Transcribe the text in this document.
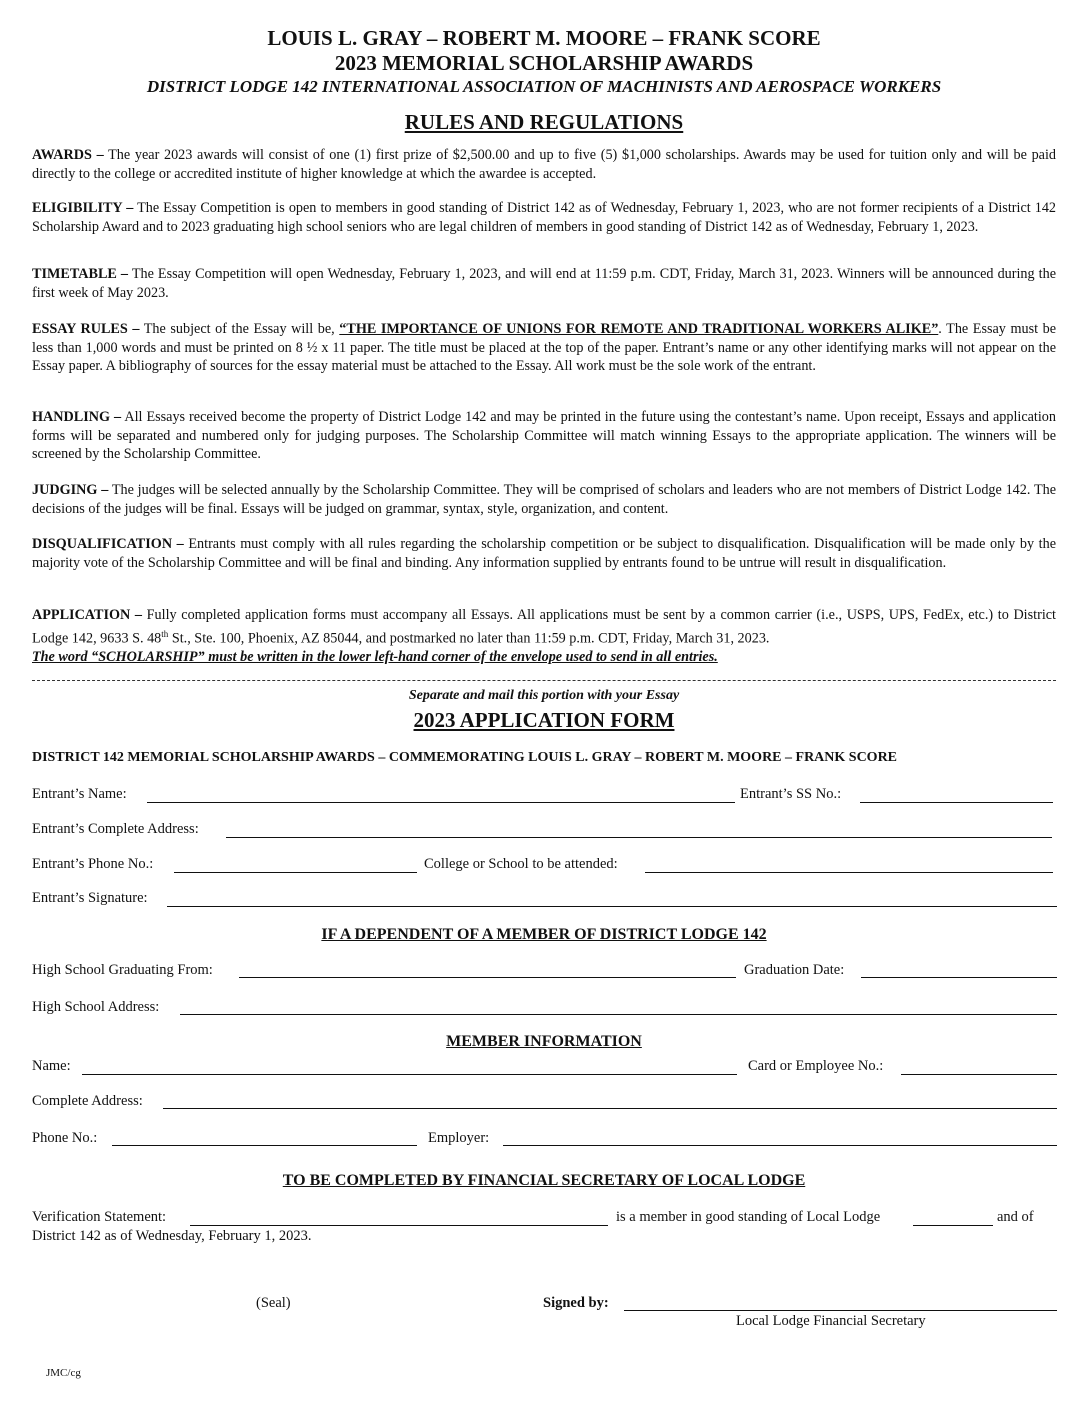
LOUIS L. GRAY – ROBERT M. MOORE – FRANK SCORE
2023 MEMORIAL SCHOLARSHIP AWARDS
DISTRICT LODGE 142 INTERNATIONAL ASSOCIATION OF MACHINISTS AND AEROSPACE WORKERS
RULES AND REGULATIONS
AWARDS – The year 2023 awards will consist of one (1) first prize of $2,500.00 and up to five (5) $1,000 scholarships. Awards may be used for tuition only and will be paid directly to the college or accredited institute of higher knowledge at which the awardee is accepted.
ELIGIBILITY – The Essay Competition is open to members in good standing of District 142 as of Wednesday, February 1, 2023, who are not former recipients of a District 142 Scholarship Award and to 2023 graduating high school seniors who are legal children of members in good standing of District 142 as of Wednesday, February 1, 2023.
TIMETABLE – The Essay Competition will open Wednesday, February 1, 2023, and will end at 11:59 p.m. CDT, Friday, March 31, 2023. Winners will be announced during the first week of May 2023.
ESSAY RULES – The subject of the Essay will be, “THE IMPORTANCE OF UNIONS FOR REMOTE AND TRADITIONAL WORKERS ALIKE”. The Essay must be less than 1,000 words and must be printed on 8 ½ x 11 paper. The title must be placed at the top of the paper. Entrant’s name or any other identifying marks will not appear on the Essay paper. A bibliography of sources for the essay material must be attached to the Essay. All work must be the sole work of the entrant.
HANDLING – All Essays received become the property of District Lodge 142 and may be printed in the future using the contestant’s name. Upon receipt, Essays and application forms will be separated and numbered only for judging purposes. The Scholarship Committee will match winning Essays to the appropriate application. The winners will be screened by the Scholarship Committee.
JUDGING – The judges will be selected annually by the Scholarship Committee. They will be comprised of scholars and leaders who are not members of District Lodge 142. The decisions of the judges will be final. Essays will be judged on grammar, syntax, style, organization, and content.
DISQUALIFICATION – Entrants must comply with all rules regarding the scholarship competition or be subject to disqualification. Disqualification will be made only by the majority vote of the Scholarship Committee and will be final and binding. Any information supplied by entrants found to be untrue will result in disqualification.
APPLICATION – Fully completed application forms must accompany all Essays. All applications must be sent by a common carrier (i.e., USPS, UPS, FedEx, etc.) to District Lodge 142, 9633 S. 48th St., Ste. 100, Phoenix, AZ 85044, and postmarked no later than 11:59 p.m. CDT, Friday, March 31, 2023.
The word “SCHOLARSHIP” must be written in the lower left-hand corner of the envelope used to send in all entries.
Separate and mail this portion with your Essay
2023 APPLICATION FORM
DISTRICT 142 MEMORIAL SCHOLARSHIP AWARDS – COMMEMORATING LOUIS L. GRAY – ROBERT M. MOORE – FRANK SCORE
Entrant’s Name:	Entrant’s SS No.:
Entrant’s Complete Address:
Entrant’s Phone No.:	College or School to be attended:
Entrant’s Signature:
IF A DEPENDENT OF A MEMBER OF DISTRICT LODGE 142
High School Graduating From:	Graduation Date:
High School Address:
MEMBER INFORMATION
Name:	Card or Employee No.:
Complete Address:
Phone No.:	Employer:
TO BE COMPLETED BY FINANCIAL SECRETARY OF LOCAL LODGE
Verification Statement:	is a member in good standing of Local Lodge	and of
District 142 as of Wednesday, February 1, 2023.
(Seal)	Signed by:
Local Lodge Financial Secretary
JMC/cg
